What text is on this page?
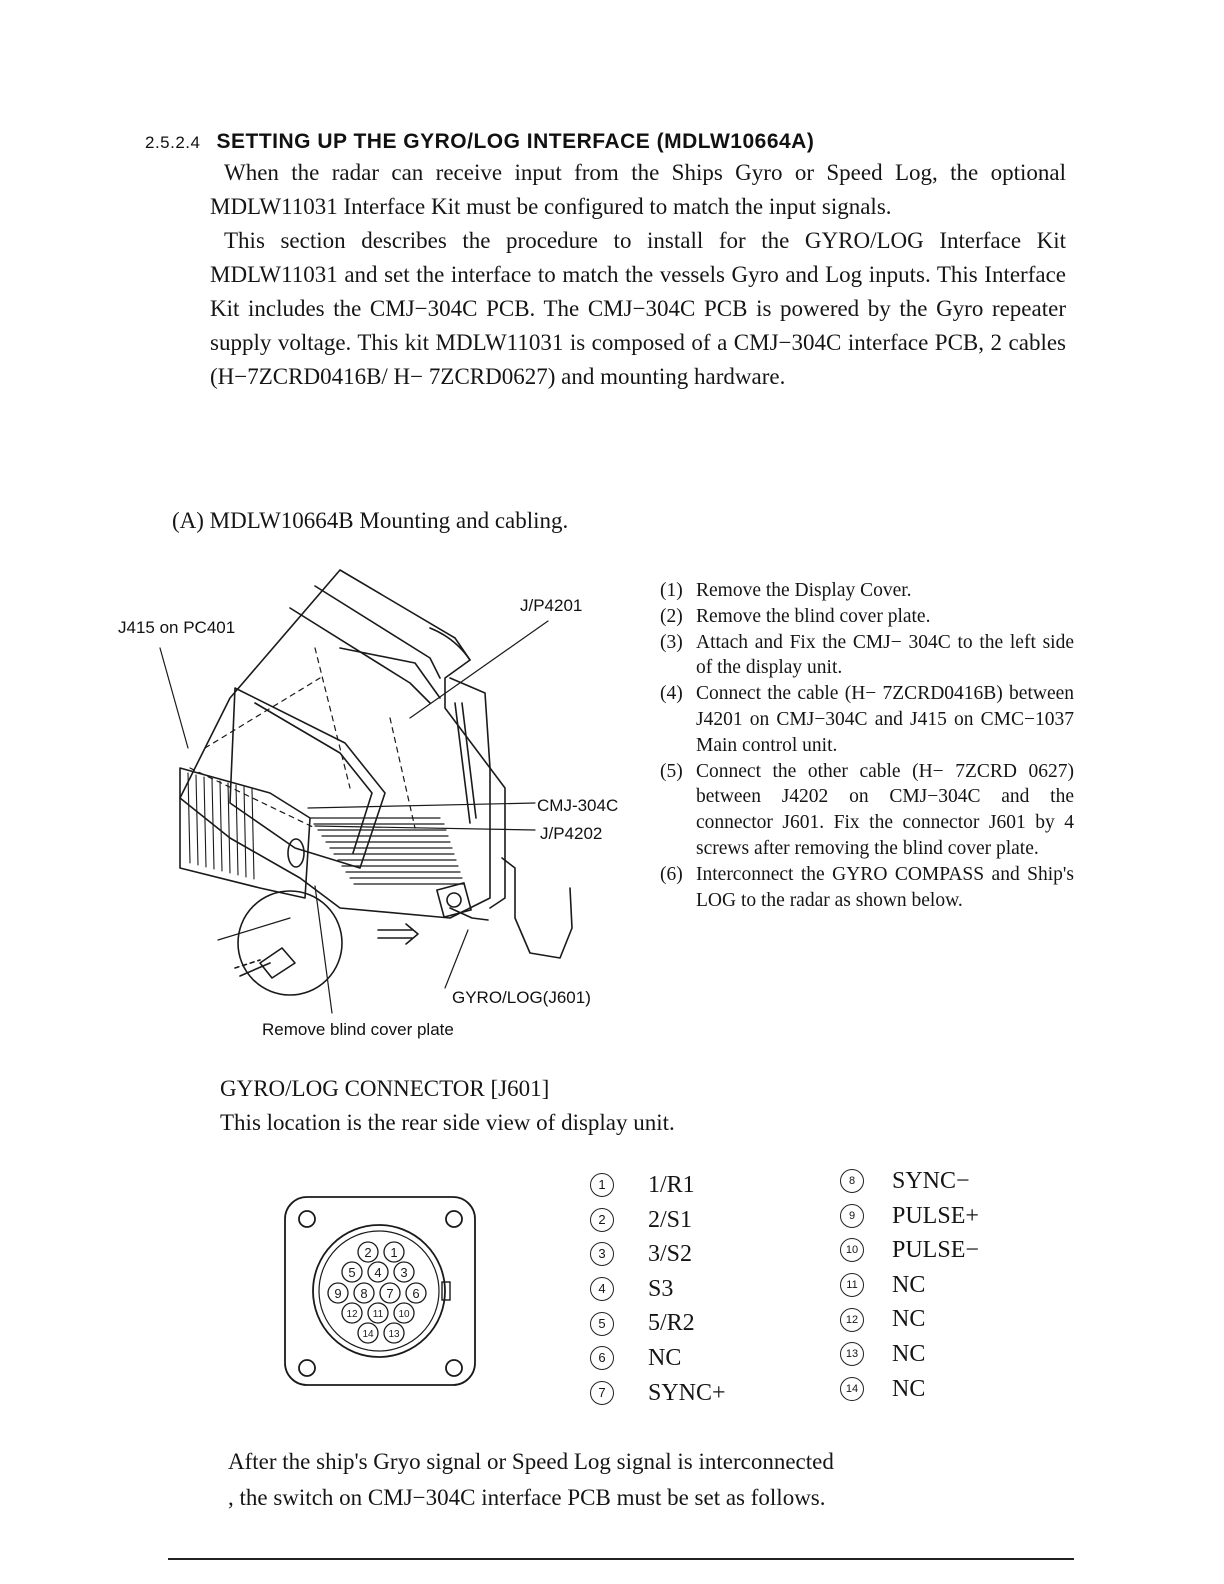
2.5.2.4 SETTING UP THE GYRO/LOG INTERFACE (MDLW10664A)

When the radar can receive input from the Ships Gyro or Speed Log, the optional MDLW11031 Interface Kit must be configured to match the input signals.

This section describes the procedure to install for the GYRO/LOG Interface Kit MDLW11031 and set the interface to match the vessels Gyro and Log inputs. This Interface Kit includes the CMJ−304C PCB. The CMJ−304C PCB is powered by the Gyro repeater supply voltage. This kit MDLW11031 is composed of a CMJ−304C interface PCB, 2 cables (H−7ZCRD0416B/ H− 7ZCRD0627) and mounting hardware.

(A) MDLW10664B Mounting and cabling.
J415 on PC401
J/P4201
CMJ-304C
J/P4202
GYRO/LOG(J601)
Remove blind cover plate
(1) Remove the Display Cover.
(2) Remove the blind cover plate.
(3) Attach and Fix the CMJ− 304C to the left side of the display unit.
(4) Connect the cable (H− 7ZCRD0416B) between J4201 on CMJ−304C and J415 on CMC−1037 Main control unit.
(5) Connect the other cable (H− 7ZCRD 0627) between J4202 on CMJ−304C and the connector J601. Fix the connector J601 by 4 screws after removing the blind cover plate.
(6) Interconnect the GYRO COMPASS and Ship's LOG to the radar as shown below.
GYRO/LOG CONNECTOR [J601]
This location is the rear side view of display unit.
2 1
5 4 3
9 8 7 6
12 11 10
14 13
1	1/R1
2	2/S1
3	3/S2
4	S3
5	5/R2
6	NC
7	SYNC+
8	SYNC−
9	PULSE+
10 PULSE−
11 NC
12 NC
13 NC
14 NC
After the ship's Gryo signal or Speed Log signal is interconnected
, the switch on CMJ−304C interface PCB must be set as follows.
